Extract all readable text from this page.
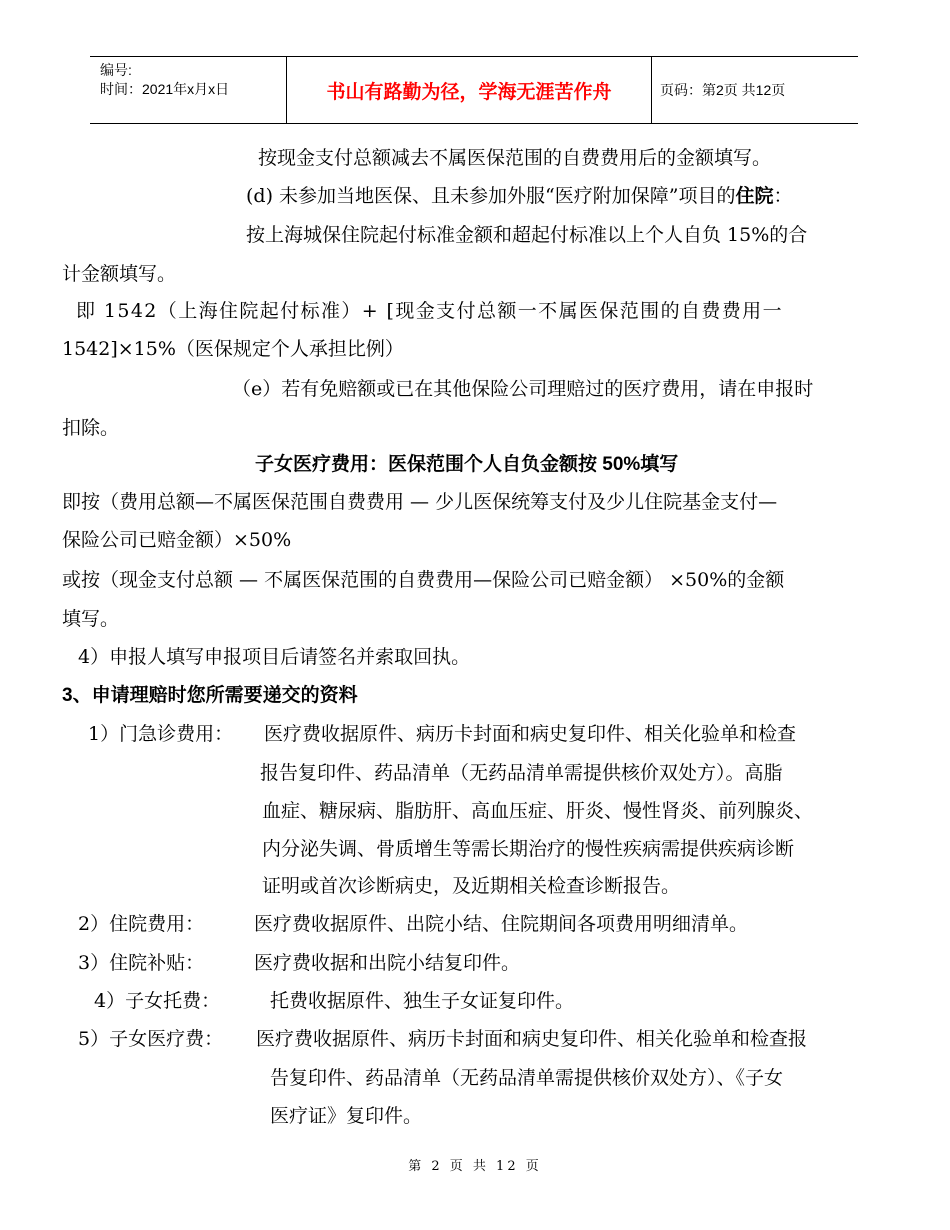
编号:
时间：2021年x月x日	书山有路勤为径，学海无涯苦作舟	页码：第2页 共12页
按现金支付总额减去不属医保范围的自费费用后的金额填写。
(d) 未参加当地医保、且未参加外服“医疗附加保障”项目的住院：
按上海城保住院起付标准金额和超起付标准以上个人自负 15%的合
计金额填写。
即 1542（上海住院起付标准）+ [现金支付总额一不属医保范围的自费费用一
1542]×15%（医保规定个人承担比例）
（e）若有免赔额或已在其他保险公司理赔过的医疗费用，请在申报时
扣除。
子女医疗费用：医保范围个人自负金额按 50%填写
即按（费用总额—不属医保范围自费费用 — 少儿医保统筹支付及少儿住院基金支付—
保险公司已赔金额）×50%
或按（现金支付总额 — 不属医保范围的自费费用—保险公司已赔金额） ×50%的金额
填写。
4）申报人填写申报项目后请签名并索取回执。
3、申请理赔时您所需要递交的资料
1）门急诊费用： 医疗费收据原件、病历卡封面和病史复印件、相关化验单和检查
报告复印件、药品清单（无药品清单需提供核价双处方）。高脂
血症、糖尿病、脂肪肝、高血压症、肝炎、慢性肾炎、前列腺炎、
内分泌失调、骨质增生等需长期治疗的慢性疾病需提供疾病诊断
证明或首次诊断病史，及近期相关检查诊断报告。
2）住院费用：	医疗费收据原件、出院小结、住院期间各项费用明细清单。
3）住院补贴：	医疗费收据和出院小结复印件。
4）子女托费：	托费收据原件、独生子女证复印件。
5）子女医疗费： 医疗费收据原件、病历卡封面和病史复印件、相关化验单和检查报
告复印件、药品清单（无药品清单需提供核价双处方）、《子女
医疗证》复印件。
第 2 页 共 12 页
